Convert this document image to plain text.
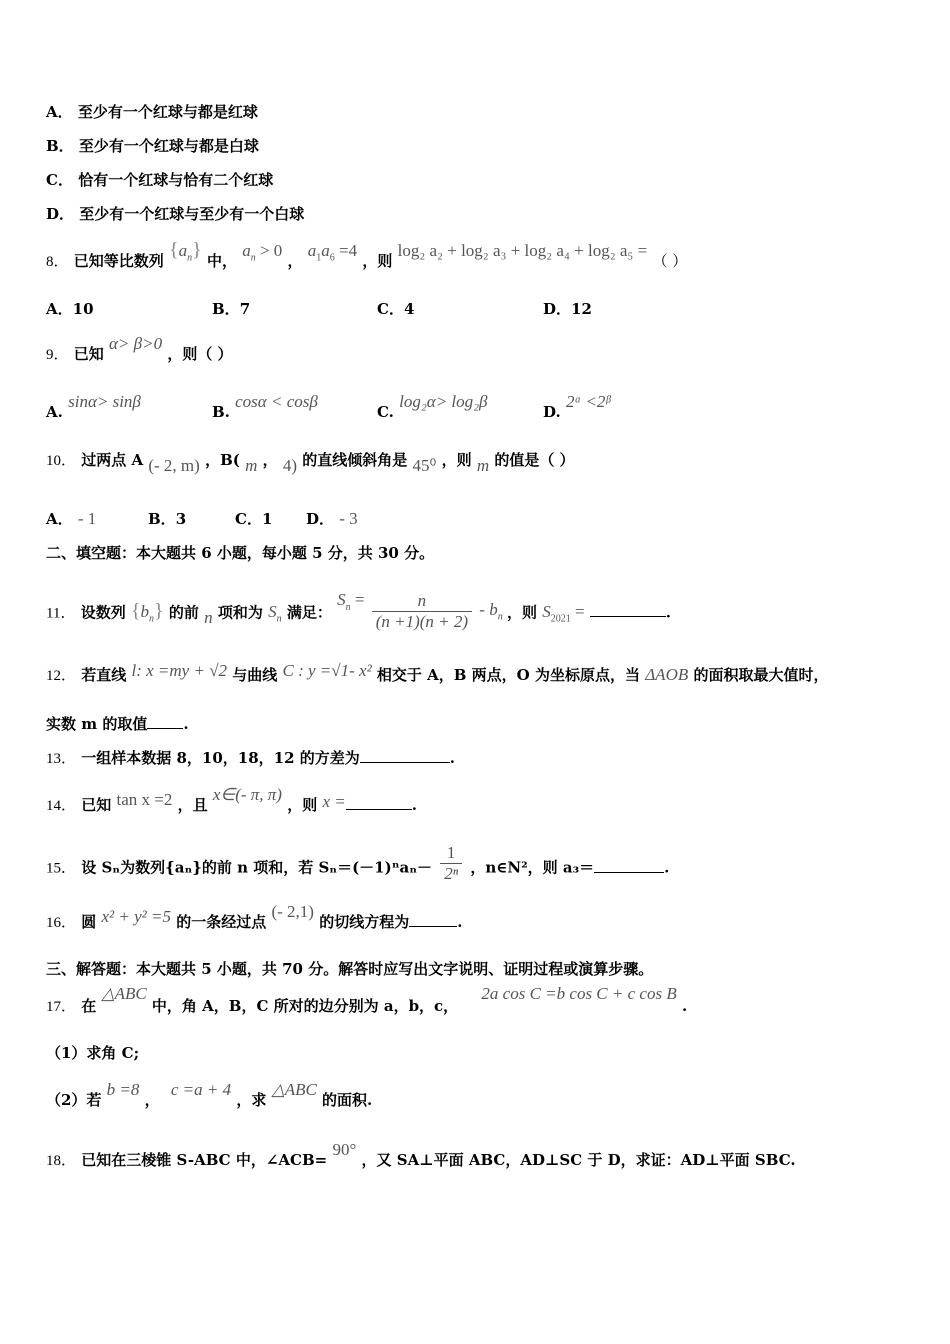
A． 至少有一个红球与都是红球
B． 至少有一个红球与都是白球
C． 恰有一个红球与恰有二个红球
D． 至少有一个红球与至少有一个白球
8． 已知等比数列 $\{a_n\}$ 中， $a_n > 0$ ， $a_1a_6 =4$ ，则 log₂ a₂ + log₂ a₃ + log₂ a₄ + log₂ a₅ = （ ）
A．10	B．7	C．4	D．12
9． 已知 α> β>0 ，则（ ）
A. sinα> sinβ
B. cosα < cosβ
C. log₂α> log₂β
D. 2ᵅ <2ᵝ
10． 过两点 A (- 2, m) ，B( m ， 4) 的直线倾斜角是 45⁰ ，则 m 的值是（ ）
A． - 1	B．3	C．1 D． - 3
二、填空题：本大题共 6 小题，每小题 5 分，共 30 分。
11． 设数列 $\{b_n\}$ 的前 n 项和为 $S_n$ 满足： $S_n = \frac{n}{(n +1)(n + 2)} - b_n$ ，则 $S_{2021}$ =	.
12． 若直线 l: x =my + √2 与曲线 C : y =√1- x² 相交于 A，B 两点，O 为坐标原点，当 ΔAOB 的面积取最大值时，
实数 m 的取值 .
13． 一组样本数据 8，10，18，12 的方差为	.
14． 已知 tan x =2 ，且 x∈(- π, π) ，则 x =	.
15． 设 Sₙ为数列{aₙ}的前 n 项和，若 $S_n=(-1)^na_n- \frac{1}{\text{2ⁿ}}$ ，n∈N²，则 a₃＝	.
16． 圆 x² + y² =5 的一条经过点 (- 2,1) 的切线方程为	.
三、解答题：本大题共 5 小题，共 70 分。解答时应写出文字说明、证明过程或演算步骤。
17． 在 △ABC 中，角 A，B，C 所对的边分别为 a，b，c， 2a cos C =b cos C + c cos B .
（1）求角 C;
（2）若 b =8 ， c =a + 4 ，求 △ABC 的面积.
18． 已知在三棱锥 S-ABC 中，∠ACB= 90° ，又 SA⊥平面 ABC，AD⊥SC 于 D，求证：AD⊥平面 SBC.
